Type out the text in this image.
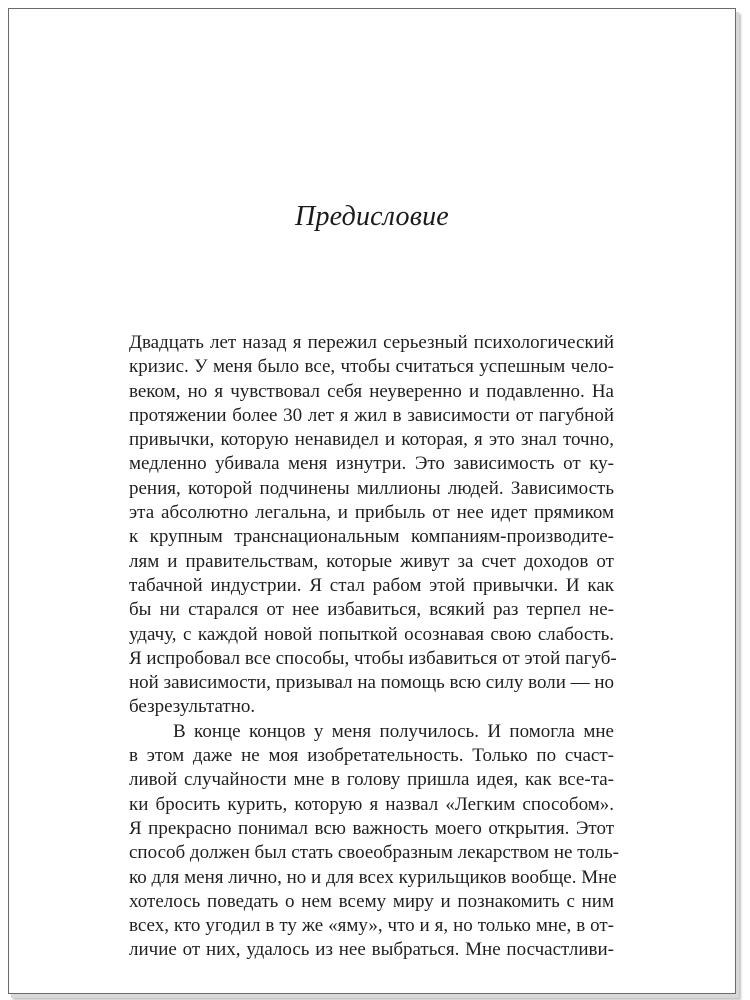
Предисловие
Двадцать лет назад я пережил серьезный психологический
кризис. У меня было все, чтобы считаться успешным чело-
веком, но я чувствовал себя неуверенно и подавленно. На
протяжении более 30 лет я жил в зависимости от пагубной
привычки, которую ненавидел и которая, я это знал точно,
медленно убивала меня изнутри. Это зависимость от ку-
рения, которой подчинены миллионы людей. Зависимость
эта абсолютно легальна, и прибыль от нее идет прямиком
к крупным транснациональным компаниям-производите-
лям и правительствам, которые живут за счет доходов от
табачной индустрии. Я стал рабом этой привычки. И как
бы ни старался от нее избавиться, всякий раз терпел не-
удачу, с каждой новой попыткой осознавая свою слабость.
Я испробовал все способы, чтобы избавиться от этой пагуб-
ной зависимости, призывал на помощь всю силу воли — но
безрезультатно.
В конце концов у меня получилось. И помогла мне
в этом даже не моя изобретательность. Только по счаст-
ливой случайности мне в голову пришла идея, как все-та-
ки бросить курить, которую я назвал «Легким способом».
Я прекрасно понимал всю важность моего открытия. Этот
способ должен был стать своеобразным лекарством не толь-
ко для меня лично, но и для всех курильщиков вообще. Мне
хотелось поведать о нем всему миру и познакомить с ним
всех, кто угодил в ту же «яму», что и я, но только мне, в от-
личие от них, удалось из нее выбраться. Мне посчастливи-
